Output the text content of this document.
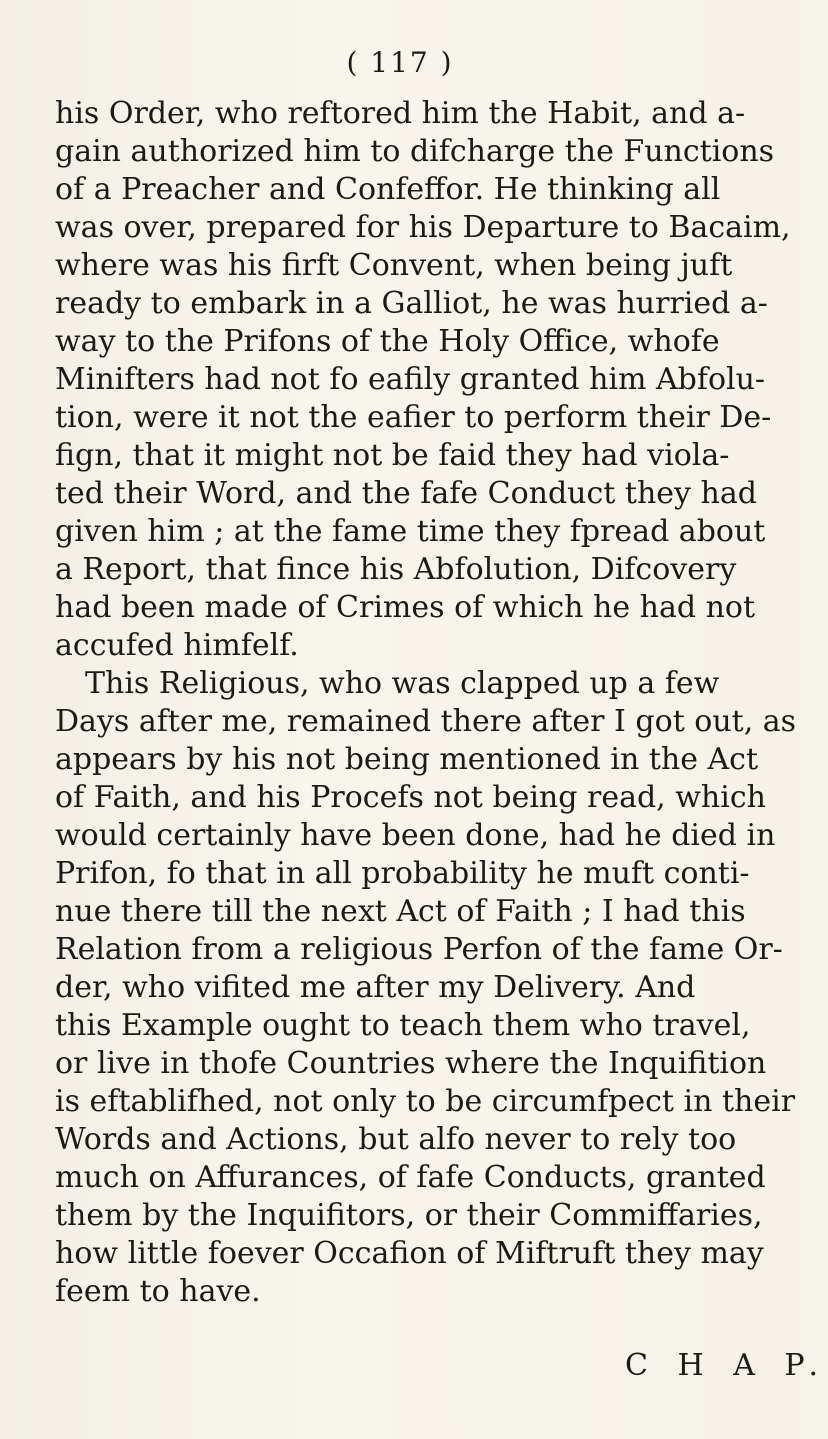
( 117 )
his Order, who reftored him the Habit, and a-
gain authorized him to difcharge the Functions
of a Preacher and Confeffor. He thinking all
was over, prepared for his Departure to Bacaim,
where was his firft Convent, when being juft
ready to embark in a Galliot, he was hurried a-
way to the Prifons of the Holy Office, whofe
Minifters had not fo eafily granted him Abfolu-
tion, were it not the eafier to perform their De-
fign, that it might not be faid they had viola-
ted their Word, and the fafe Conduct they had
given him ; at the fame time they fpread about
a Report, that fince his Abfolution, Difcovery
had been made of Crimes of which he had not
accufed himfelf.
This Religious, who was clapped up a few
Days after me, remained there after I got out, as
appears by his not being mentioned in the Act
of Faith, and his Procefs not being read, which
would certainly have been done, had he died in
Prifon, fo that in all probability he muft conti-
nue there till the next Act of Faith ; I had this
Relation from a religious Perfon of the fame Or-
der, who vifited me after my Delivery. And
this Example ought to teach them who travel,
or live in thofe Countries where the Inquifition
is eftablifhed, not only to be circumfpect in their
Words and Actions, but alfo never to rely too
much on Affurances, of fafe Conducts, granted
them by the Inquifitors, or their Commiffaries,
how little foever Occafion of Miftruft they may
feem to have.
C H A P.
